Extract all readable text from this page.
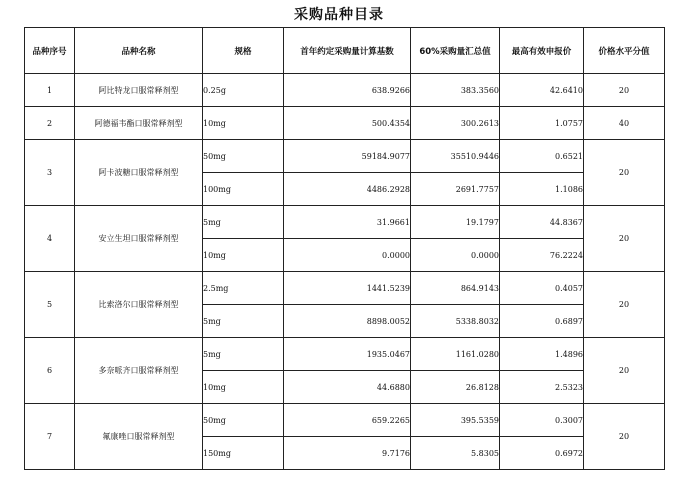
采购品种目录
品种序号	品种名称	规格	首年约定采购量计算基数	60%采购量汇总值	最高有效申报价	价格水平分值
1	阿比特龙口服常释剂型	0.25g	638.9266	383.3560	42.6410	20
2	阿德福韦酯口服常释剂型	10mg	500.4354	300.2613	1.0757	40
3	阿卡波糖口服常释剂型	50mg	59184.9077	35510.9446	0.6521	20
		100mg	4486.2928	2691.7757	1.1086	
4	安立生坦口服常释剂型	5mg	31.9661	19.1797	44.8367	20
		10mg	0.0000	0.0000	76.2224	
5	比索洛尔口服常释剂型	2.5mg	1441.5239	864.9143	0.4057	20
		5mg	8898.0052	5338.8032	0.6897	
6	多奈哌齐口服常释剂型	5mg	1935.0467	1161.0280	1.4896	20
		10mg	44.6880	26.8128	2.5323	
7	氟康唑口服常释剂型	50mg	659.2265	395.5359	0.3007	20
		150mg	9.7176	5.8305	0.6972	
